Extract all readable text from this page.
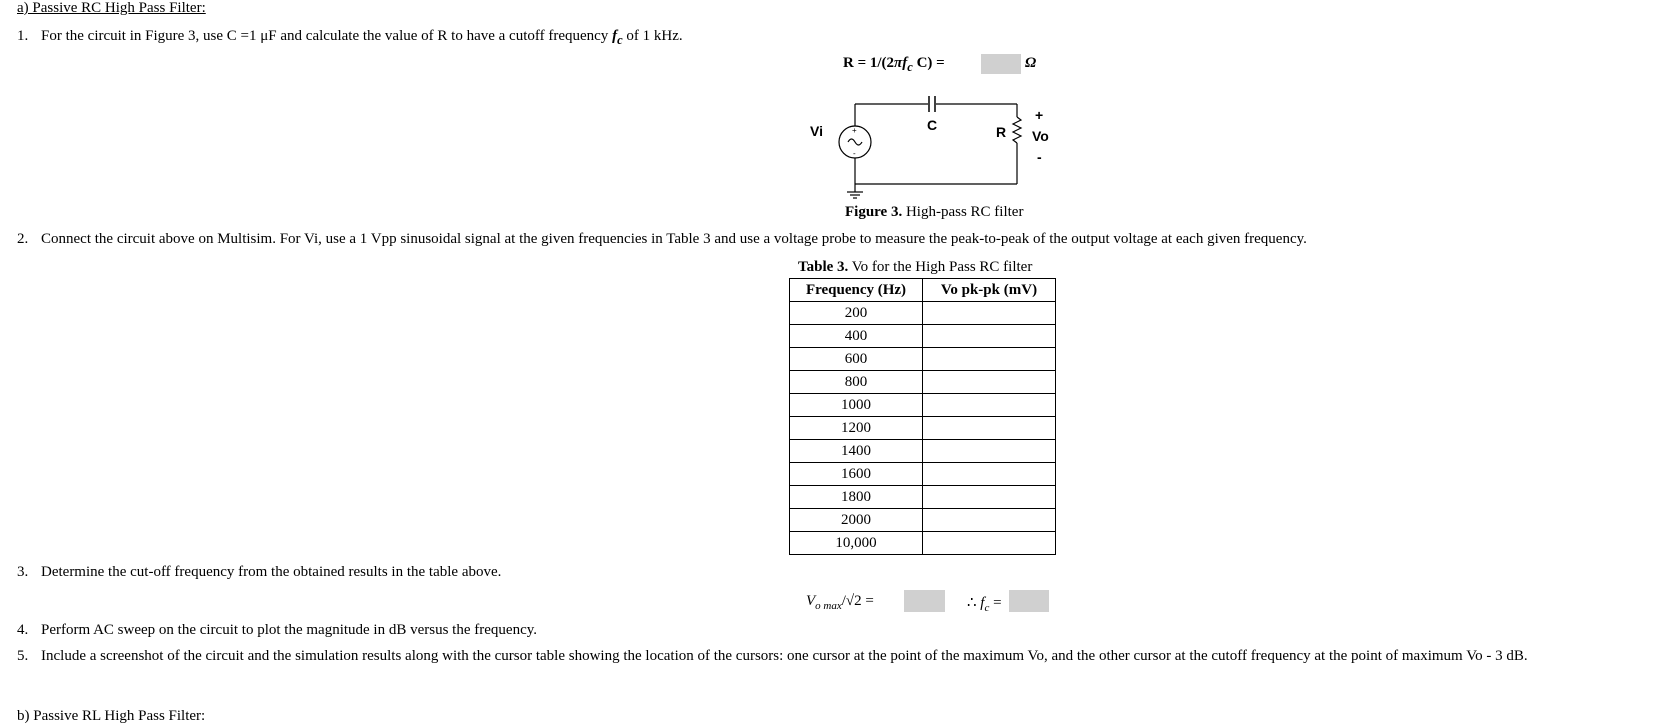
a) Passive RC High Pass Filter:
1. For the circuit in Figure 3, use C =1 μF and calculate the value of R to have a cutoff frequency $f_c$ of 1 kHz.
$R = 1/(2\pi f_c$ C) =	Ω
+
-
Vi	C	R
+
Vo
-
Figure 3. High-pass RC filter
2. Connect the circuit above on Multisim. For Vi, use a 1 Vpp sinusoidal signal at the given frequencies in Table 3 and use a voltage probe to measure the peak-to-peak of the output voltage at each given frequency.
Table 3. Vo for the High Pass RC filter
Frequency (Hz)	Vo pk-pk (mV)
200	
400	
600	
800	
1000	
1200	
1400	
1600	
1800	
2000	
10,000	
3. Determine the cut-off frequency from the obtained results in the table above.
$V_{o max}/√2$ =	∴ $f_c$ =
4. Perform AC sweep on the circuit to plot the magnitude in dB versus the frequency.
5. Include a screenshot of the circuit and the simulation results along with the cursor table showing the location of the cursors: one cursor at the point of the maximum Vo, and the other cursor at the cutoff frequency at the point of maximum Vo - 3 dB.
b) Passive RL High Pass Filter:
